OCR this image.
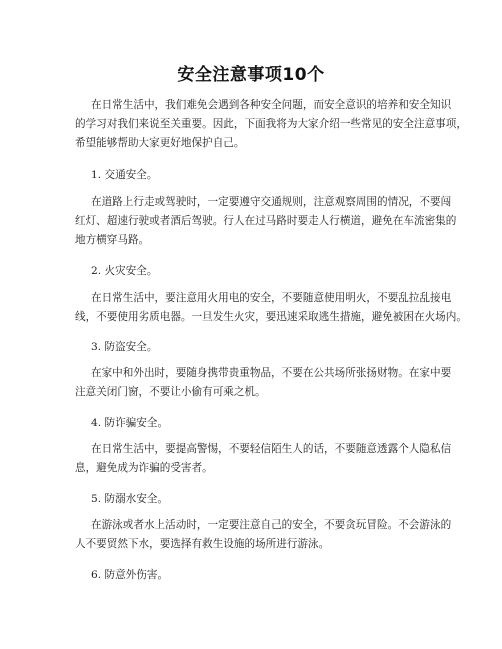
安全注意事项10个
在日常生活中，我们难免会遇到各种安全问题，而安全意识的培养和安全知识
的学习对我们来说至关重要。因此，下面我将为大家介绍一些常见的安全注意事项，
希望能够帮助大家更好地保护自己。
1. 交通安全。
在道路上行走或驾驶时，一定要遵守交通规则，注意观察周围的情况，不要闯
红灯、超速行驶或者酒后驾驶。行人在过马路时要走人行横道，避免在车流密集的
地方横穿马路。
2. 火灾安全。
在日常生活中，要注意用火用电的安全，不要随意使用明火，不要乱拉乱接电
线，不要使用劣质电器。一旦发生火灾，要迅速采取逃生措施，避免被困在火场内。
3. 防盗安全。
在家中和外出时，要随身携带贵重物品，不要在公共场所张扬财物。在家中要
注意关闭门窗，不要让小偷有可乘之机。
4. 防诈骗安全。
在日常生活中，要提高警惕，不要轻信陌生人的话，不要随意透露个人隐私信
息，避免成为诈骗的受害者。
5. 防溺水安全。
在游泳或者水上活动时，一定要注意自己的安全，不要贪玩冒险。不会游泳的
人不要贸然下水，要选择有救生设施的场所进行游泳。
6. 防意外伤害。
